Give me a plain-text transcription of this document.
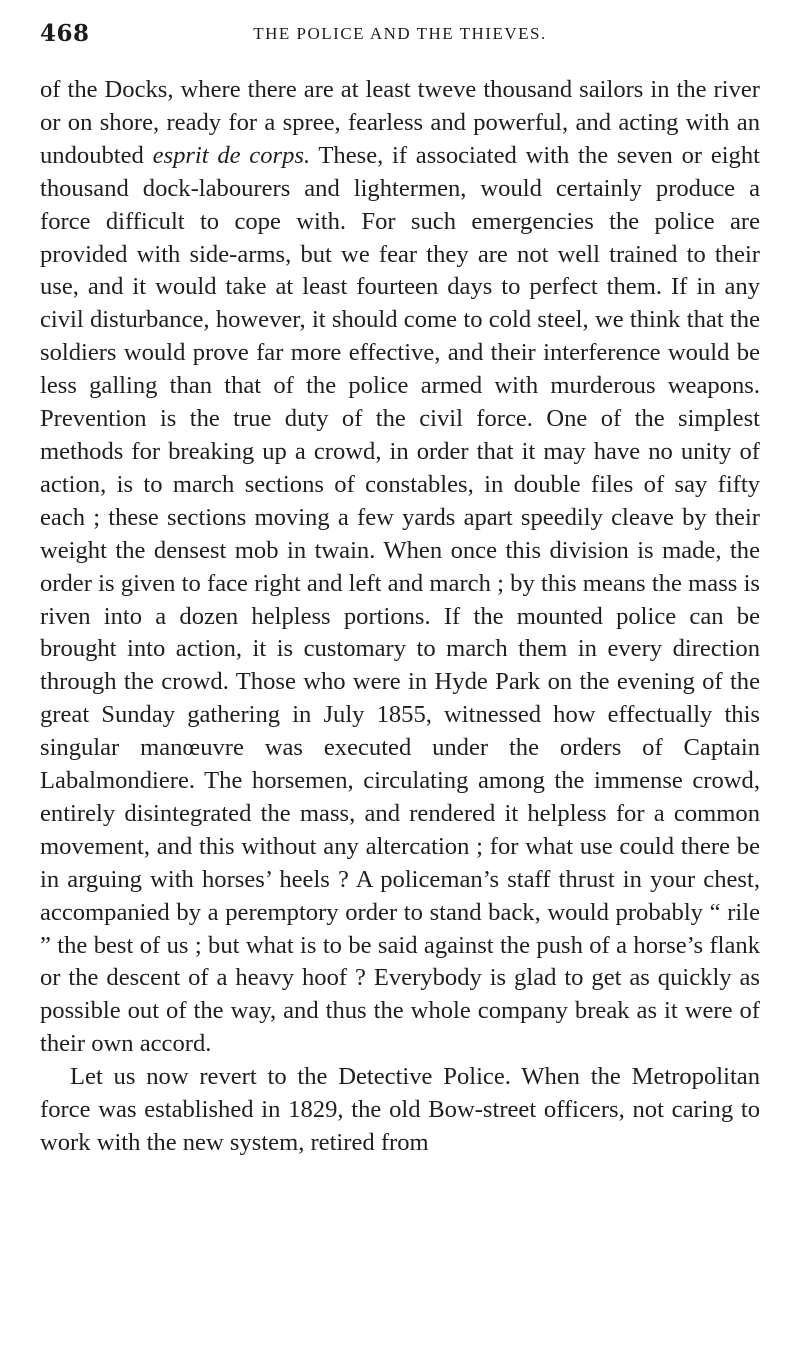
468	THE POLICE AND THE THIEVES.

of the Docks, where there are at least tweve thousand sailors in the river or on shore, ready for a spree, fearless and powerful, and acting with an undoubted esprit de corps. These, if associated with the seven or eight thousand dock-labourers and lightermen, would certainly produce a force difficult to cope with. For such emergencies the police are provided with side-arms, but we fear they are not well trained to their use, and it would take at least fourteen days to perfect them. If in any civil disturbance, however, it should come to cold steel, we think that the soldiers would prove far more effective, and their interference would be less galling than that of the police armed with murderous weapons. Prevention is the true duty of the civil force. One of the simplest methods for breaking up a crowd, in order that it may have no unity of action, is to march sections of constables, in double files of say fifty each ; these sections moving a few yards apart speedily cleave by their weight the densest mob in twain. When once this division is made, the order is given to face right and left and march ; by this means the mass is riven into a dozen helpless portions. If the mounted police can be brought into action, it is customary to march them in every direction through the crowd. Those who were in Hyde Park on the evening of the great Sunday gathering in July 1855, witnessed how effectually this singular manœuvre was executed under the orders of Captain Labalmondiere. The horsemen, circulating among the immense crowd, entirely disintegrated the mass, and rendered it helpless for a common movement, and this without any altercation ; for what use could there be in arguing with horses’ heels ? A policeman’s staff thrust in your chest, accompanied by a peremptory order to stand back, would probably “ rile ” the best of us ; but what is to be said against the push of a horse’s flank or the descent of a heavy hoof ? Everybody is glad to get as quickly as possible out of the way, and thus the whole company break as it were of their own accord.

Let us now revert to the Detective Police. When the Metropolitan force was established in 1829, the old Bow-street officers, not caring to work with the new system, retired from
